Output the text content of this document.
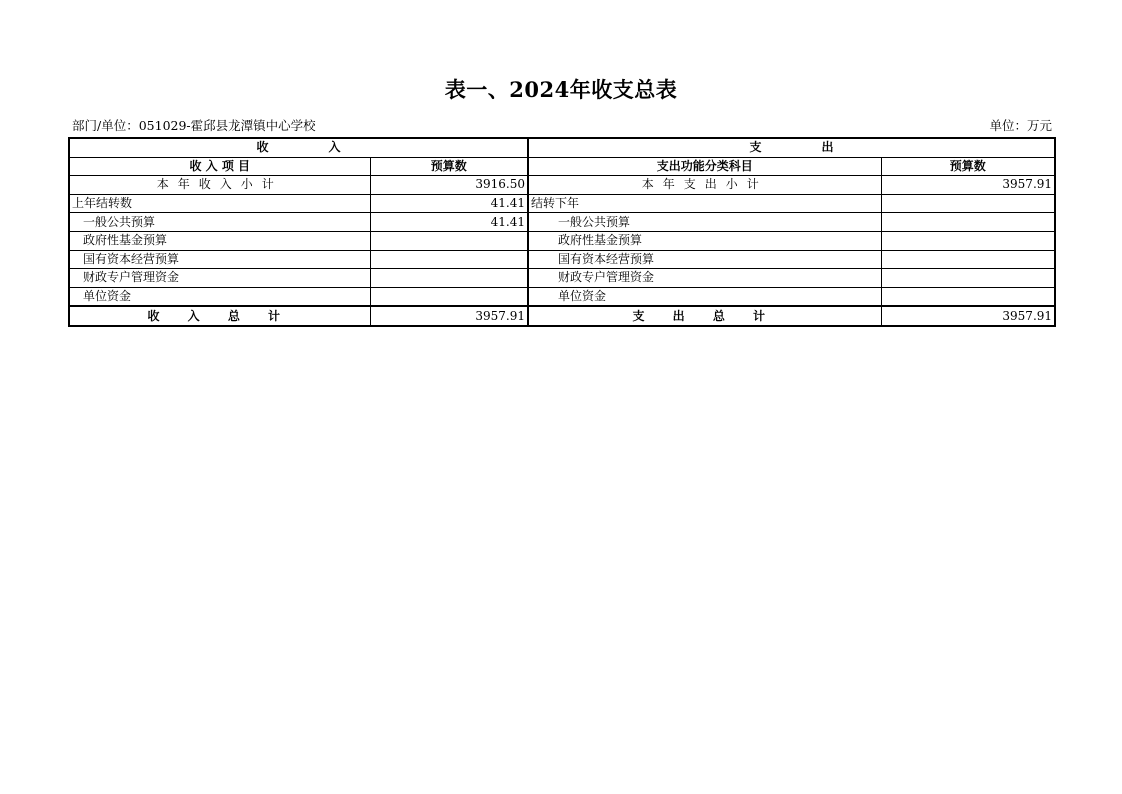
表一、2024年收支总表
部门/单位：051029-霍邱县龙潭镇中心学校	单位：万元
收　　　　　入		支　　　　　出	
收 入 项 目	预算数	支出功能分类科目	预算数
本年收入小计	3916.50	本年支出小计	3957.91
上年结转数	41.41	结转下年	
一般公共预算	41.41	一般公共预算	
政府性基金预算		政府性基金预算	
国有资本经营预算		国有资本经营预算	
财政专户管理资金		财政专户管理资金	
单位资金		单位资金	
收 入 总 计	3957.91	支 出 总 计	3957.91
